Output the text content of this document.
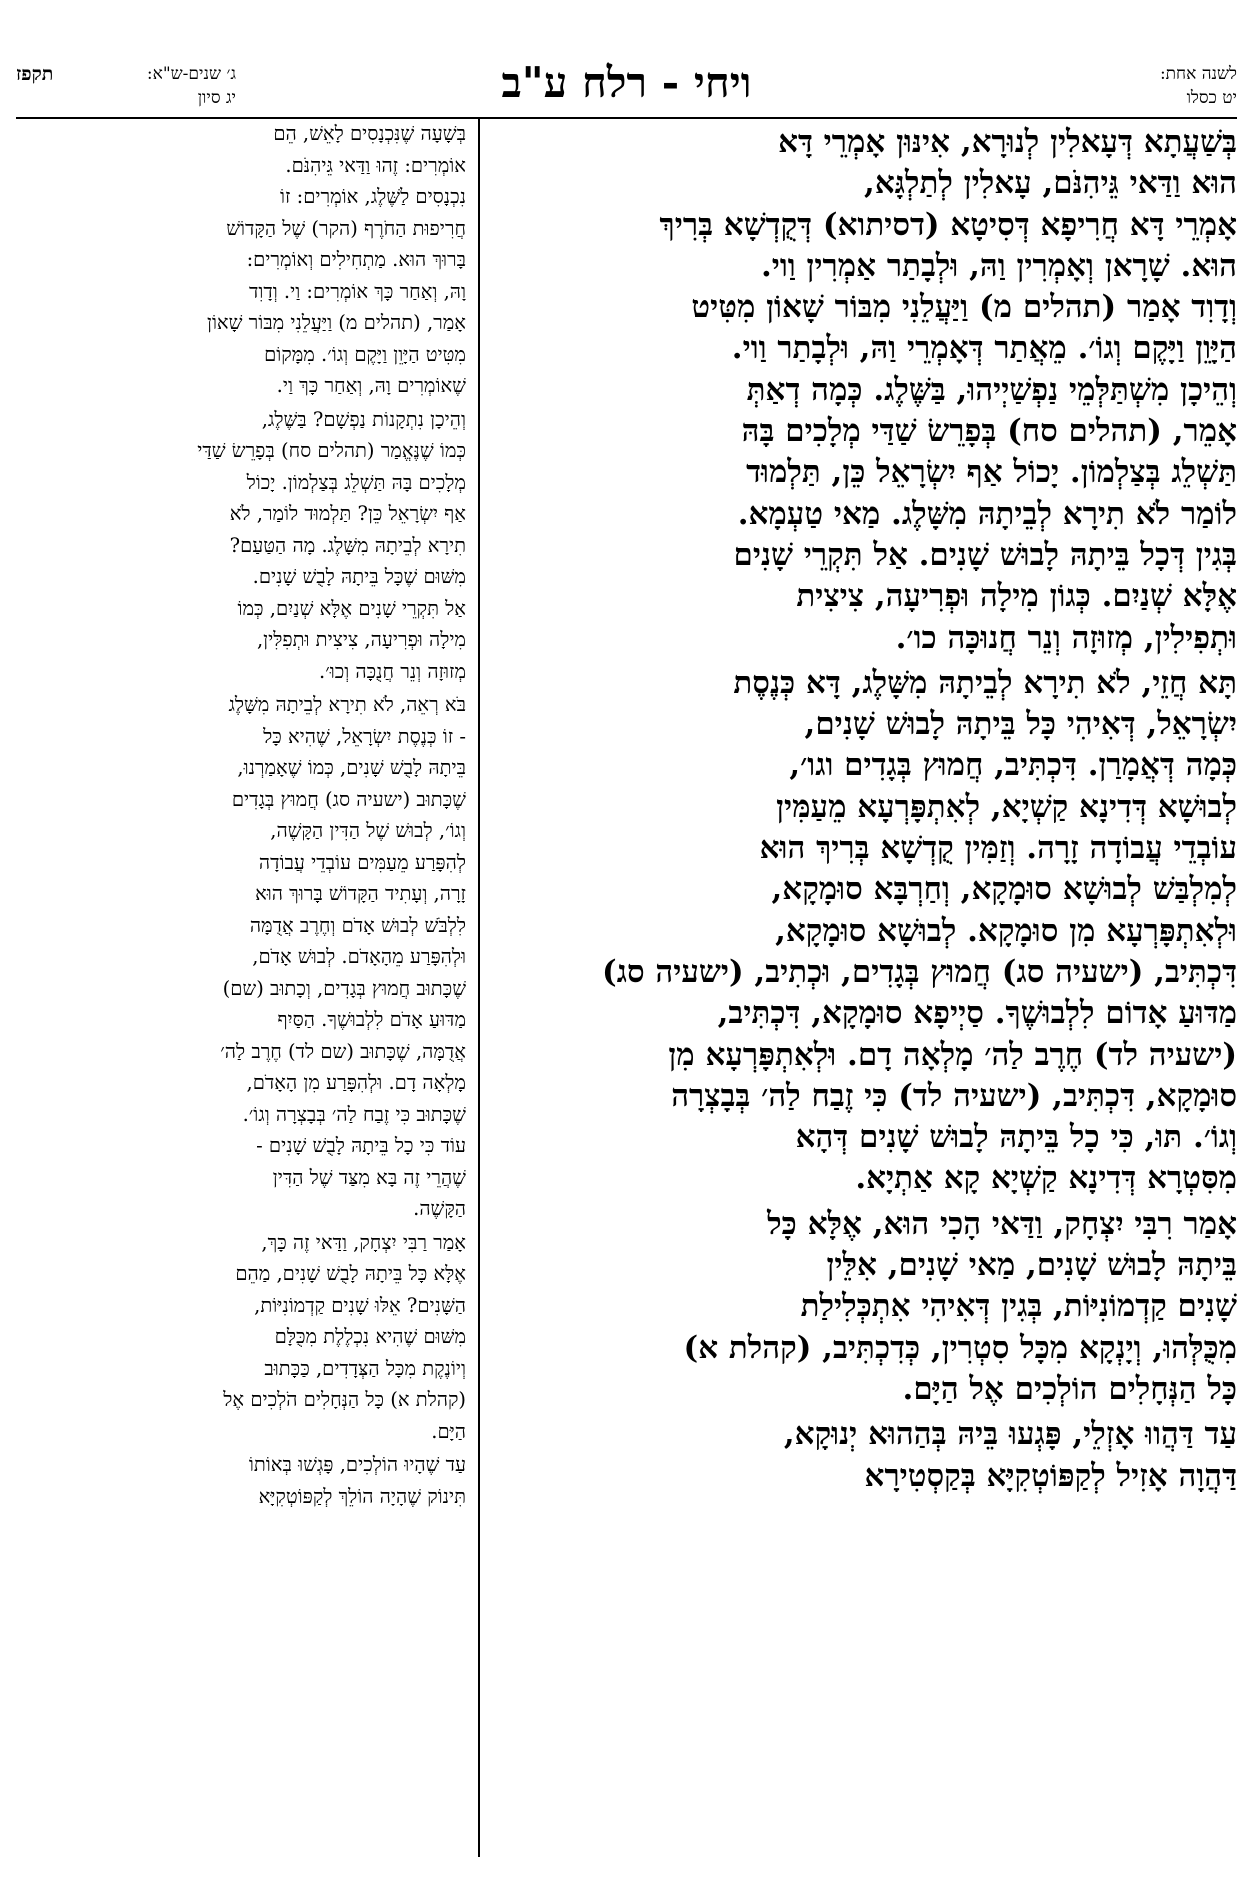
ויחי - רלח ע"ב	לשנה אחת:
יט כסלו
ג׳ שנים-ש"א:
יג סיון
תקפז
בְּשַׁעֲתָא דְּעָאלִין לְנוּרָא, אִינּוּן אָמְרֵי דָּא
הוּא וַדַּאי גֵּיהִנֹּם, עָאלִין לְתַלְגָּא,
אָמְרֵי דָּא חֲרִיפָא דְּסִיטָא (דסיתוא) דְּקֻדְשָׁא בְּרִיךְ
הוּא. שָׁרָאן וְאָמְרִין וַהּ, וּלְבָתַר אַמְרִין וַוי.
וְדָוִד אָמַר (תהלים מ) וַיַּעֲלֵנִי מִבּוֹר שָׁאוֹן מִטִּיט
הַיָּוֵן וַיָּקֶם וְגוֹ׳. מֵאֲתַר דְּאָמְרֵי וַהּ, וּלְבָתַר וַוי.
וְהֵיכָן מִשְׁתַּלְּמֵי נַפְשַׁיְיהוּ, בַּשֶּׁלֶג. כְּמָה דְאַתְּ
אָמֵר, (תהלים סח) בְּפָרֵשׂ שַׁדַּי מְלָכִים בָּהּ
תַּשְׁלֵג בְּצַלְמוֹן. יָכוֹל אַף יִשְׂרָאֵל כֵּן, תַּלְמוּד
לוֹמַר לֹא תִירָא לְבֵיתָהּ מִשָּׁלֶג. מַאי טַעְמָא.
בְּגִין דְּכָל בֵּיתָהּ לָבוּשׁ שָׁנִים. אַל תִּקְרֵי שָׁנִים
אֶלָּא שְׁנַיִם. כְּגוֹן מִילָה וּפְרִיעָה, צִיצִית
וּתְפִילִין, מְזוּזָה וְנֵר חֲנוּכָּה כו׳.
תָּא חֲזֵי, לֹא תִירָא לְבֵיתָהּ מִשָּׁלֶג, דָּא כְּנֶסֶת
יִשְׂרָאֵל, דְּאִיהִי כָּל בֵּיתָהּ לָבוּשׁ שָׁנִים,
כְּמָה דְּאֲמָרַן. דִּכְתִּיב, חֲמוּץ בְּגָדִים וגו׳,
לְבוּשָׁא דְּדִינָא קַשְׁיָא, לְאִתְפָּרְעָא מֵעַמִּין
עוֹבְדֵי עֲבוֹדָה זָרָה. וְזַמִּין קֻדְשָׁא בְּרִיךְ הוּא
לְמִלְבַּשׁ לְבוּשָׁא סוּמָקָא, וְחַרְבָּא סוּמָקָא,
וּלְאִתְפָּרְעָא מִן סוּמָקָא. לְבוּשָׁא סוּמָקָא,
דִּכְתִּיב, (ישעיה סג) חֲמוּץ בְּגָדִים, וּכְתִיב, (ישעיה סג)
מַדּוּעַ אָדוֹם לִלְבוּשֶׁךָ. סַיְיפָא סוּמָקָא, דִּכְתִּיב,
(ישעיה לד) חֶרֶב לַה׳ מָלְאָה דָם. וּלְאִתְפָּרְעָא מִן
סוּמָקָא, דִּכְתִּיב, (ישעיה לד) כִּי זֶבַח לַה׳ בְּבָצְרָה
וְגוֹ׳. תּוּ, כִּי כָל בֵּיתָהּ לָבוּשׁ שָׁנִים דְּהָא
מִסִּטְרָא דְּדִינָא קַשְׁיָא קָא אַתְיָא.
אָמַר רִבִּי יִצְחָק, וַדַּאי הָכִי הוּא, אֶלָּא כָּל
בֵּיתָהּ לָבוּשׁ שָׁנִים, מַאי שָׁנִים, אִלֵּין
שָׁנִים קַדְמוֹנִיּוֹת, בְּגִין דְּאִיהִי אִתְכְּלִילַת
מִכֻּלְּהוּ, וְיָנְקָא מִכָּל סִטְרִין, כְּדִכְתִּיב, (קהלת א)
כָּל הַנְּחָלִים הוֹלְכִים אֶל הַיָּם.
עַד דַּהֲווּ אָזְלֵי, פָּגְעוּ בֵּיהּ בְּהַהוּא יְנוּקָא,
דַּהֲוָה אָזִיל לְקַפּוֹטְקִיָּא בְּקַסְטִירָא
בְּשָׁעָה שֶׁנִּכְנָסִים לָאֵשׁ, הֵם
אוֹמְרִים: זֶהוּ וַדַּאי גֵּיהִנֹּם.
נִכְנָסִים לַשֶּׁלֶג, אוֹמְרִים: זוֹ
חֲרִיפוּת הַחֹרֶף (הקר) שֶׁל הַקָּדוֹשׁ
בָּרוּךְ הוּא. מַתְחִילִים וְאוֹמְרִים:
וָהּ, וְאַחַר כָּךְ אוֹמְרִים: וַי. וְדָוִד
אָמַר, (תהלים מ) וַיַּעֲלֵנִי מִבּוֹר שָׁאוֹן
מִטִּיט הַיָּוֵן וַיָּקֶם וְגוֹ׳. מִמָּקוֹם
שֶׁאוֹמְרִים וָהּ, וְאַחַר כָּךְ וַי.
וְהֵיכָן נִתְקָנוֹת נַפְשָׁם? בַּשֶּׁלֶג,
כְּמוֹ שֶׁנֶּאֱמַר (תהלים סח) בְּפָרֵשׂ שַׁדַּי
מְלָכִים בָּהּ תַּשְׁלֵג בְּצַלְמוֹן. יָכוֹל
אַף יִשְׂרָאֵל כֵּן? תַּלְמוּד לוֹמַר, לֹא
תִירָא לְבֵיתָהּ מִשָּׁלֶג. מָה הַטַּעַם?
מִשּׁוּם שֶׁכָּל בֵּיתָהּ לָבֻשׁ שָׁנִים.
אַל תִּקְרֵי שָׁנִים אֶלָּא שְׁנַיִם, כְּמוֹ
מִילָה וּפְרִיעָה, צִיצִית וּתְפִלִּין,
מְזוּזָה וְנֵר חֲנֻכָּה וְכוּ׳.
בֹּא רְאֵה, לֹא תִירָא לְבֵיתָהּ מִשָּׁלֶג
- זוֹ כְּנֶסֶת יִשְׂרָאֵל, שֶׁהִיא כָּל
בֵּיתָהּ לָבֻשׁ שָׁנִים, כְּמוֹ שֶׁאָמַרְנוּ,
שֶׁכָּתוּב (ישעיה סג) חֲמוּץ בְּגָדִים
וְגוֹ׳, לְבוּשׁ שֶׁל הַדִּין הַקָּשֶׁה,
לְהִפָּרַע מֵעַמִּים עוֹבְדֵי עֲבוֹדָה
זָרָה, וְעָתִיד הַקָּדוֹשׁ בָּרוּךְ הוּא
לִלְבֹּשׁ לְבוּשׁ אָדֹם וְחֶרֶב אֲדֻמָּה
וּלְהִפָּרַע מֵהָאָדֹם. לְבוּשׁ אָדֹם,
שֶׁכָּתוּב חֲמוּץ בְּגָדִים, וְכָתוּב (שם)
מַדּוּעַ אָדֹם לִלְבוּשֶׁךָ. הַסַּיִף
אֲדֻמָּה, שֶׁכָּתוּב (שם לד) חֶרֶב לַה׳
מָלְאָה דָם. וּלְהִפָּרַע מִן הָאָדֹם,
שֶׁכָּתוּב כִּי זֶבַח לַה׳ בְּבָצְרָה וְגוֹ׳.
עוֹד כִּי כָל בֵּיתָהּ לָבֻשׁ שָׁנִים -
שֶׁהֲרֵי זֶה בָּא מִצַּד שֶׁל הַדִּין
הַקָּשֶׁה.
אָמַר רַבִּי יִצְחָק, וַדַּאי זֶה כָּךְ,
אֶלָּא כָּל בֵּיתָהּ לָבֻשׁ שָׁנִים, מַהֵם
הַשָּׁנִים? אֵלּוּ שָׁנִים קַדְמוֹנִיּוֹת,
מִשּׁוּם שֶׁהִיא נִכְלֶלֶת מִכֻּלָּם
וְיוֹנֶקֶת מִכָּל הַצְּדָדִים, כַּכָּתוּב
(קהלת א) כָּל הַנְּחָלִים הֹלְכִים אֶל
הַיָּם.
עַד שֶׁהָיוּ הוֹלְכִים, פָּגְשׁוּ בְּאוֹתוֹ
תִּינוֹק שֶׁהָיָה הוֹלֵךְ לְקַפּוֹטְקִיָּא
